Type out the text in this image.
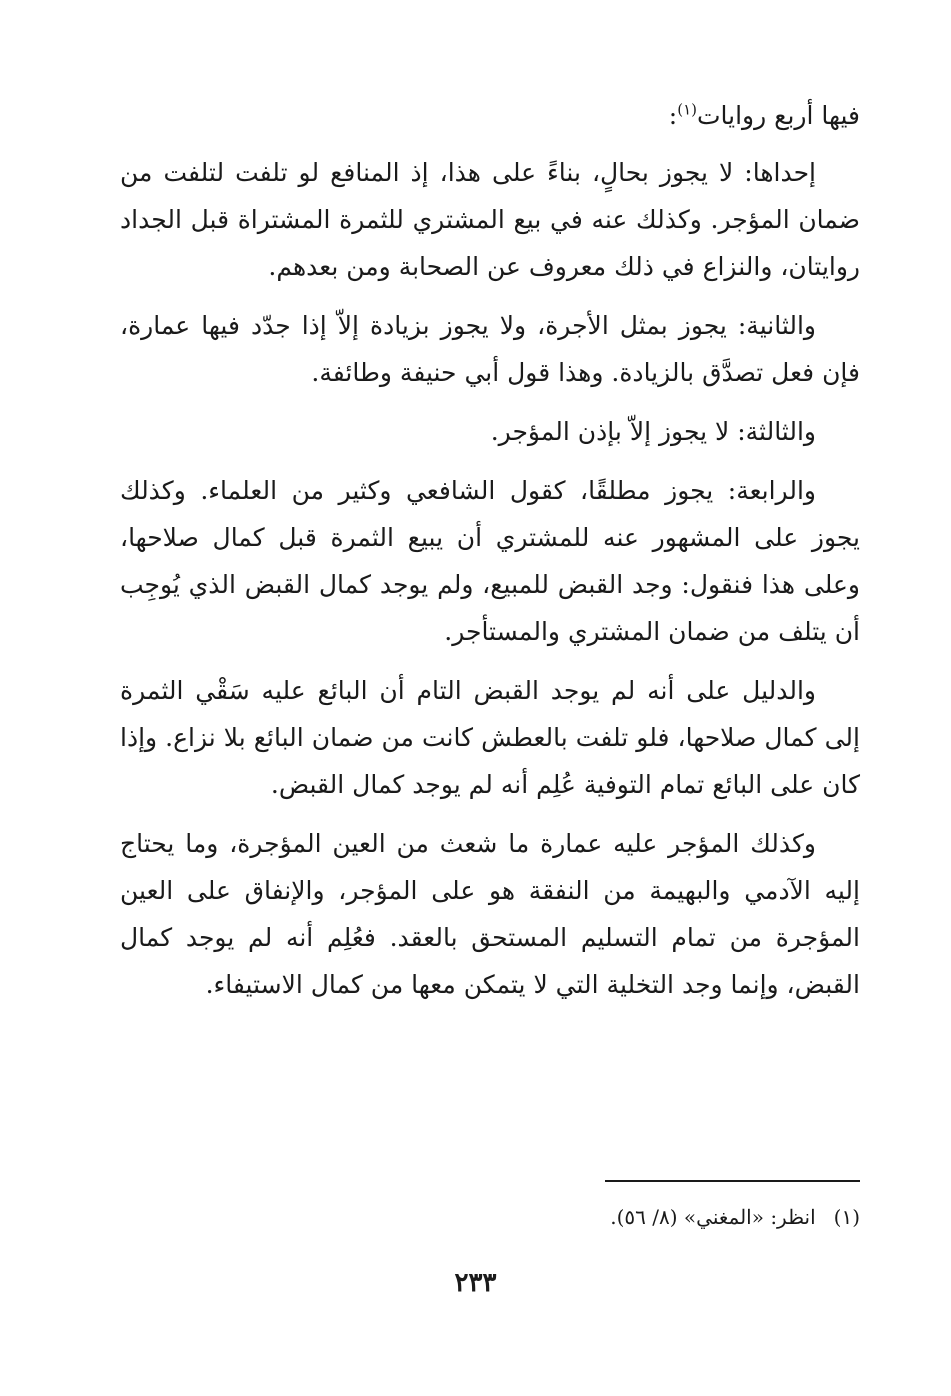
فيها أربع روايات$^{(١)}$:

إحداها: لا يجوز بحالٍ، بناءً على هذا، إذ المنافع لو تلفت لتلفت من ضمان المؤجر. وكذلك عنه في بيع المشتري للثمرة المشتراة قبل الجداد روايتان، والنزاع في ذلك معروف عن الصحابة ومن بعدهم.

والثانية: يجوز بمثل الأجرة، ولا يجوز بزيادة إلاّ إذا جدّد فيها عمارة، فإن فعل تصدَّق بالزيادة. وهذا قول أبي حنيفة وطائفة.

والثالثة: لا يجوز إلاّ بإذن المؤجر.

والرابعة: يجوز مطلقًا، كقول الشافعي وكثير من العلماء. وكذلك يجوز على المشهور عنه للمشتري أن يبيع الثمرة قبل كمال صلاحها، وعلى هذا فنقول: وجد القبض للمبيع، ولم يوجد كمال القبض الذي يُوجِب أن يتلف من ضمان المشتري والمستأجر.

والدليل على أنه لم يوجد القبض التام أن البائع عليه سَقْي الثمرة إلى كمال صلاحها، فلو تلفت بالعطش كانت من ضمان البائع بلا نزاع. وإذا كان على البائع تمام التوفية عُلِم أنه لم يوجد كمال القبض.

وكذلك المؤجر عليه عمارة ما شعث من العين المؤجرة، وما يحتاج إليه الآدمي والبهيمة من النفقة هو على المؤجر، والإنفاق على العين المؤجرة من تمام التسليم المستحق بالعقد. فعُلِم أنه لم يوجد كمال القبض، وإنما وجد التخلية التي لا يتمكن معها من كمال الاستيفاء.

(١)انظر: «المغني» (٨/ ٥٦).
٢٣٣
